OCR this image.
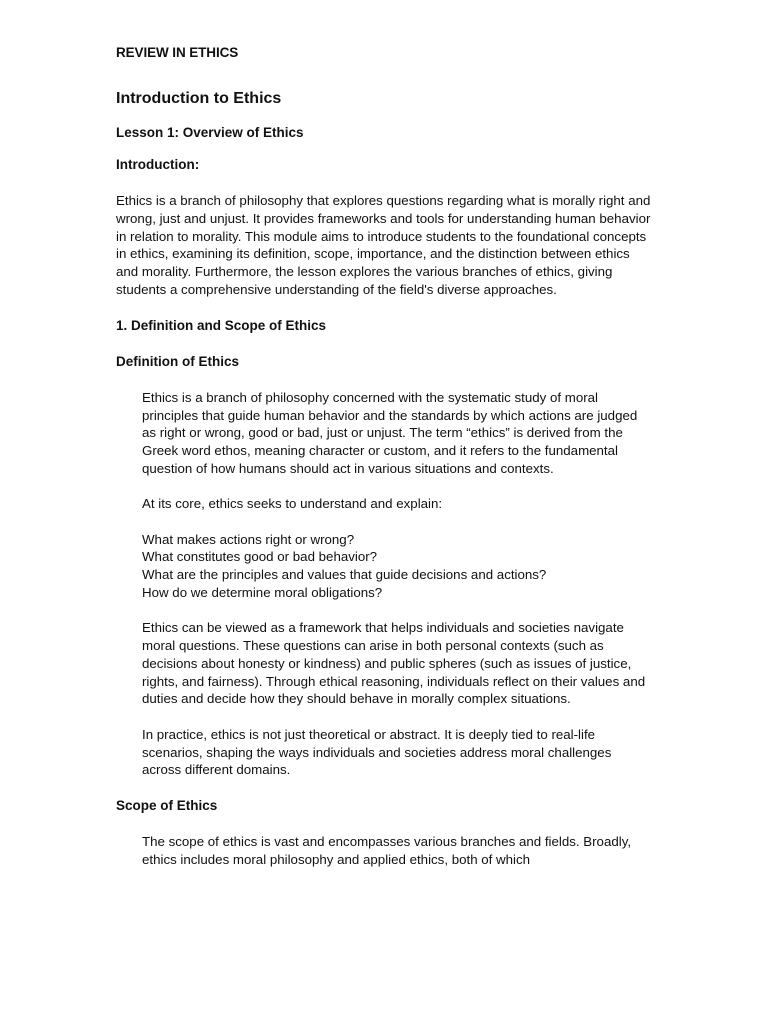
REVIEW IN ETHICS
Introduction to Ethics
Lesson 1: Overview of Ethics
Introduction:

Ethics is a branch of philosophy that explores questions regarding what is morally right and wrong, just and unjust. It provides frameworks and tools for understanding human behavior in relation to morality. This module aims to introduce students to the foundational concepts in ethics, examining its definition, scope, importance, and the distinction between ethics and morality. Furthermore, the lesson explores the various branches of ethics, giving students a comprehensive understanding of the field's diverse approaches.

1. Definition and Scope of Ethics
Definition of Ethics

Ethics is a branch of philosophy concerned with the systematic study of moral principles that guide human behavior and the standards by which actions are judged as right or wrong, good or bad, just or unjust. The term “ethics” is derived from the Greek word ethos, meaning character or custom, and it refers to the fundamental question of how humans should act in various situations and contexts.

At its core, ethics seeks to understand and explain:

What makes actions right or wrong?
What constitutes good or bad behavior?
What are the principles and values that guide decisions and actions?
How do we determine moral obligations?

Ethics can be viewed as a framework that helps individuals and societies navigate moral questions. These questions can arise in both personal contexts (such as decisions about honesty or kindness) and public spheres (such as issues of justice, rights, and fairness). Through ethical reasoning, individuals reflect on their values and duties and decide how they should behave in morally complex situations.

In practice, ethics is not just theoretical or abstract. It is deeply tied to real-life scenarios, shaping the ways individuals and societies address moral challenges across different domains.

Scope of Ethics

The scope of ethics is vast and encompasses various branches and fields. Broadly, ethics includes moral philosophy and applied ethics, both of which
